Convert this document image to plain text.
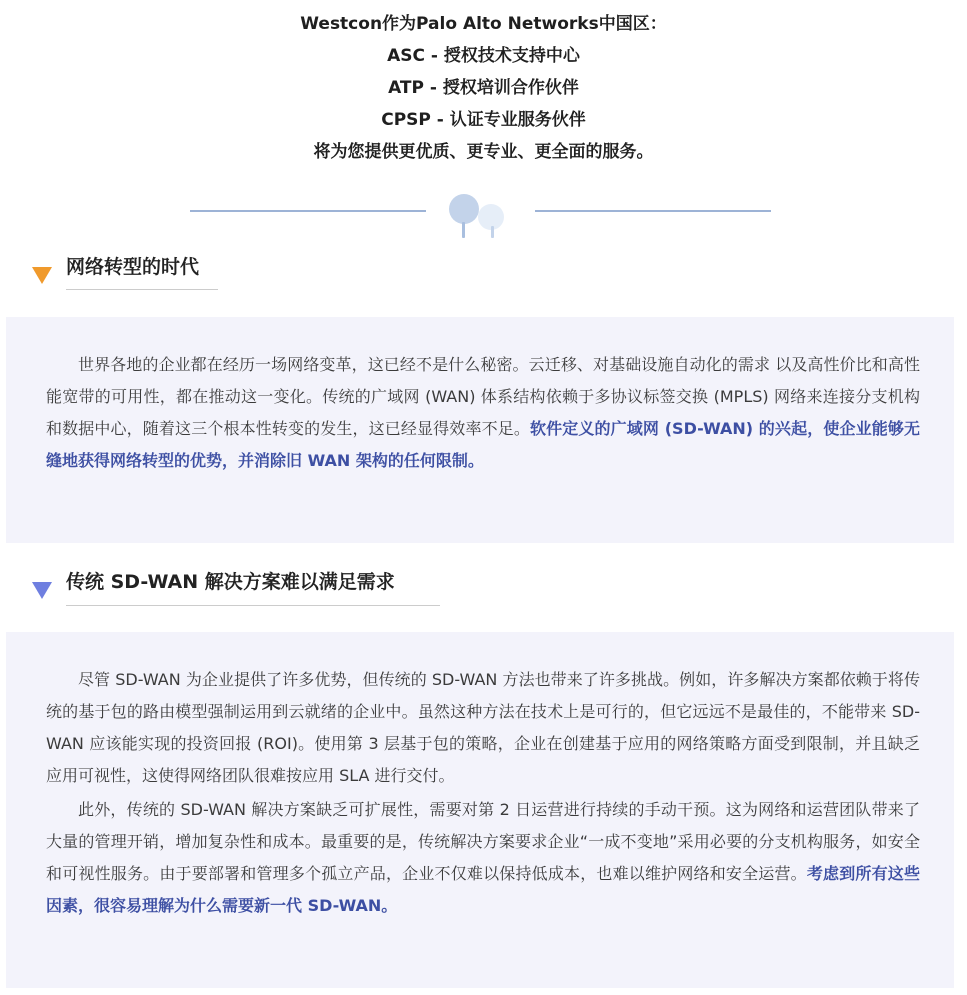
Westcon作为Palo Alto Networks中国区：
ASC - 授权技术支持中心
ATP - 授权培训合作伙伴
CPSP - 认证专业服务伙伴
将为您提供更优质、更专业、更全面的服务。
网络转型的时代

世界各地的企业都在经历一场网络变革，这已经不是什么秘密。云迁移、对基础设施自动化的需求 以及高性价比和高性能宽带的可用性，都在推动这一变化。传统的广域网 (WAN) 体系结构依赖于多协议标签交换 (MPLS) 网络来连接分支机构和数据中心，随着这三个根本性转变的发生，这已经显得效率不足。软件定义的广域网 (SD-WAN) 的兴起，使企业能够无缝地获得网络转型的优势，并消除旧 WAN 架构的任何限制。

传统 SD-WAN 解决方案难以满足需求

尽管 SD-WAN 为企业提供了许多优势，但传统的 SD-WAN 方法也带来了许多挑战。例如，许多解决方案都依赖于将传统的基于包的路由模型强制运用到云就绪的企业中。虽然这种方法在技术上是可行的，但它远远不是最佳的，不能带来 SD-WAN 应该能实现的投资回报 (ROI)。使用第 3 层基于包的策略，企业在创建基于应用的网络策略方面受到限制，并且缺乏应用可视性，这使得网络团队很难按应用 SLA 进行交付。

此外，传统的 SD-WAN 解决方案缺乏可扩展性，需要对第 2 日运营进行持续的手动干预。这为网络和运营团队带来了大量的管理开销，增加复杂性和成本。最重要的是，传统解决方案要求企业“一成不变地”采用必要的分支机构服务，如安全和可视性服务。由于要部署和管理多个孤立产品，企业不仅难以保持低成本，也难以维护网络和安全运营。考虑到所有这些因素，很容易理解为什么需要新一代 SD-WAN。
